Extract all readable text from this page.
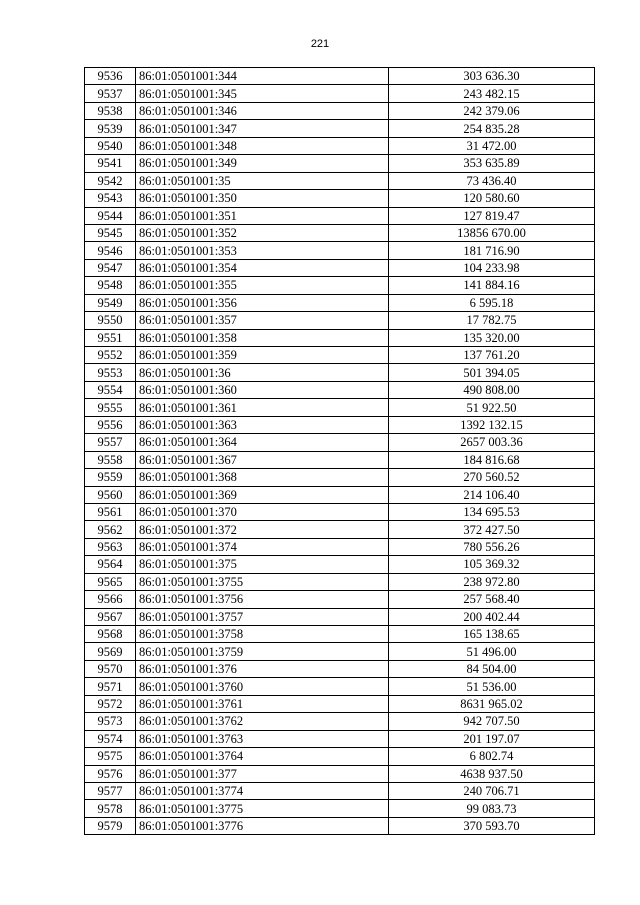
221
9536	86:01:0501001:344	303 636.30
9537	86:01:0501001:345	243 482.15
9538	86:01:0501001:346	242 379.06
9539	86:01:0501001:347	254 835.28
9540	86:01:0501001:348	31 472.00
9541	86:01:0501001:349	353 635.89
9542	86:01:0501001:35	73 436.40
9543	86:01:0501001:350	120 580.60
9544	86:01:0501001:351	127 819.47
9545	86:01:0501001:352	13856 670.00
9546	86:01:0501001:353	181 716.90
9547	86:01:0501001:354	104 233.98
9548	86:01:0501001:355	141 884.16
9549	86:01:0501001:356	6 595.18
9550	86:01:0501001:357	17 782.75
9551	86:01:0501001:358	135 320.00
9552	86:01:0501001:359	137 761.20
9553	86:01:0501001:36	501 394.05
9554	86:01:0501001:360	490 808.00
9555	86:01:0501001:361	51 922.50
9556	86:01:0501001:363	1392 132.15
9557	86:01:0501001:364	2657 003.36
9558	86:01:0501001:367	184 816.68
9559	86:01:0501001:368	270 560.52
9560	86:01:0501001:369	214 106.40
9561	86:01:0501001:370	134 695.53
9562	86:01:0501001:372	372 427.50
9563	86:01:0501001:374	780 556.26
9564	86:01:0501001:375	105 369.32
9565	86:01:0501001:3755	238 972.80
9566	86:01:0501001:3756	257 568.40
9567	86:01:0501001:3757	200 402.44
9568	86:01:0501001:3758	165 138.65
9569	86:01:0501001:3759	51 496.00
9570	86:01:0501001:376	84 504.00
9571	86:01:0501001:3760	51 536.00
9572	86:01:0501001:3761	8631 965.02
9573	86:01:0501001:3762	942 707.50
9574	86:01:0501001:3763	201 197.07
9575	86:01:0501001:3764	6 802.74
9576	86:01:0501001:377	4638 937.50
9577	86:01:0501001:3774	240 706.71
9578	86:01:0501001:3775	99 083.73
9579	86:01:0501001:3776	370 593.70
